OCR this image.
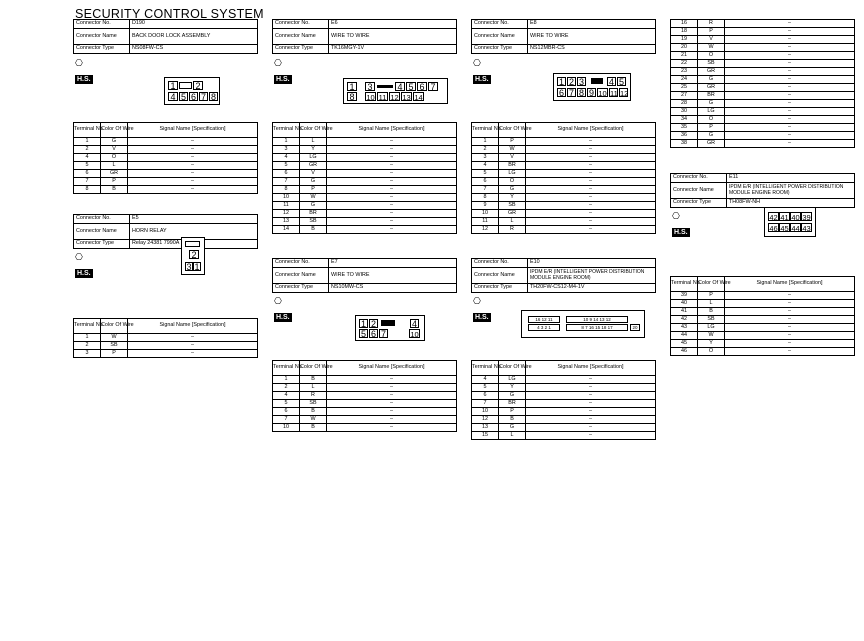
SECURITY CONTROL SYSTEM
Connector No.	D190
Connector Name	BACK DOOR LOCK ASSEMBLY
Connector Type	NS08FW-CS
⎔
H.S.
1 2
4 5 6 7 8
Terminal No.	Color Of Wire	Signal Name [Specification]
1	G	–
2	V	–
4	O	–
5	L	–
6	GR	–
7	P	–
8	B	–
Connector No.	E5
Connector Name	HORN RELAY
Connector Type	Relay 24381 7990A
⎔
H.S.
2
3 1
Terminal No.	Color Of Wire	Signal Name [Specification]
1	W	–
2	SB	–
3	P	–
Connector No.	E6
Connector Name	WIRE TO WIRE
Connector Type	TK16MGY-1V
⎔
H.S.
1 3	4 5 6 7
8	10 11 12 13 14
Terminal No.	Color Of Wire	Signal Name [Specification]
1	L	–
3	Y	–
4	LG	–
5	GR	–
6	V	–
7	G	–
8	P	–
10	W	–
11	G	–
12	BR	–
13	SB	–
14	B	–
Connector No.	E7
Connector Name	WIRE TO WIRE
Connector Type	NS10MW-CS
⎔
H.S.
1 2	4
5 6 7	10
Terminal No.	Color Of Wire	Signal Name [Specification]
1	B	–
2	L	–
4	R	–
5	SB	–
6	B	–
7	W	–
10	B	–
Connector No.	E8
Connector Name	WIRE TO WIRE
Connector Type	NS12MBR-CS
⎔
H.S.	1 2 3	4 5
6 7 8 9 10 11 12
Terminal No.	Color Of Wire	Signal Name [Specification]
1	P	–
2	W	–
3	V	–
4	BR	–
5	LG	–
6	O	–
7	G	–
8	Y	–
9	SB	–
10	GR	–
11	L	–
12	R	–
Connector No.	E10
Connector Name	IPDM E/R (INTELLIGENT POWER DISTRIBUTION MODULE ENGINE ROOM)
Connector Type	TH20FW-CS12-M4-1V
⎔
H.S.	16 12 11
4 3 2 1
10 9 14 13 12
8 7 16 15 18 17	20
Terminal No.	Color Of Wire	Signal Name [Specification]
4	LG	–
5	Y	–
6	G	–
7	BR	–
10	P	–
12	B	–
13	G	–
15	L	–
16	R	–
18	P	–
19	V	–
20	W	–
21	O	–
22	SB	–
23	GR	–
24	G	–
25	GR	–
27	BR	–
28	G	–
30	LG	–
34	O	–
35	P	–
36	G	–
38	GR	–
Connector No.	E11
Connector Name	IPDM E/R (INTELLIGENT POWER DISTRIBUTION MODULE ENGINE ROOM)
Connector Type	TH08FW-NH
⎔
H.S.
42 41 40 39
46 45 44 43
Terminal No.	Color Of Wire	Signal Name [Specification]
39	P	–
40	L	–
41	B	–
42	SB	–
43	LG	–
44	W	–
45	Y	–
46	O	–
